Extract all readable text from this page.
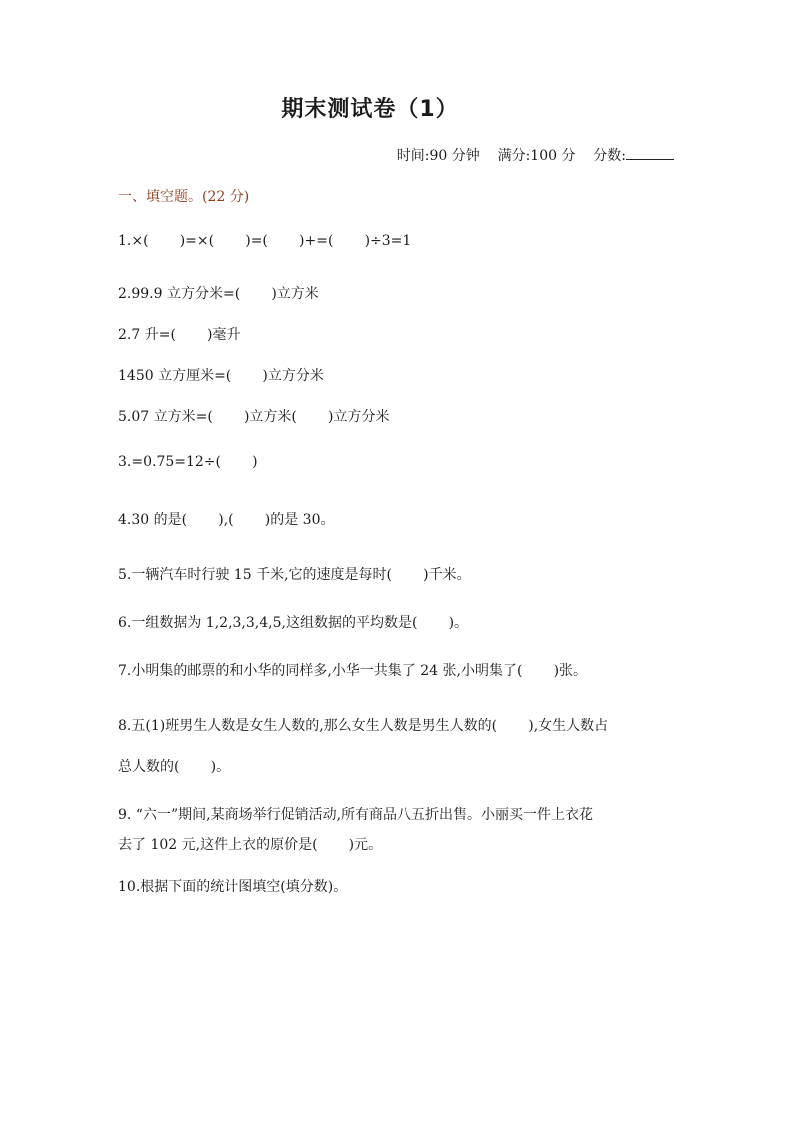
期末测试卷（1）
时间:90 分钟    满分:100 分    分数:
一、填空题。(22 分)
1.×(       )=×(       )=(       )+=(       )÷3=1
2.99.9 立方分米=(       )立方米
2.7 升=(       )毫升
1450 立方厘米=(       )立方分米
5.07 立方米=(       )立方米(       )立方分米
3.=0.75=12÷(       )
4.30 的是(       ),(       )的是 30。
5.一辆汽车时行驶 15 千米,它的速度是每时(       )千米。
6.一组数据为 1,2,3,3,4,5,这组数据的平均数是(       )。
7.小明集的邮票的和小华的同样多,小华一共集了 24 张,小明集了(       )张。
8.五(1)班男生人数是女生人数的,那么女生人数是男生人数的(       ),女生人数占
总人数的(       )。
9. “六一”期间,某商场举行促销活动,所有商品八五折出售。小丽买一件上衣花
去了 102 元,这件上衣的原价是(       )元。
10.根据下面的统计图填空(填分数)。
